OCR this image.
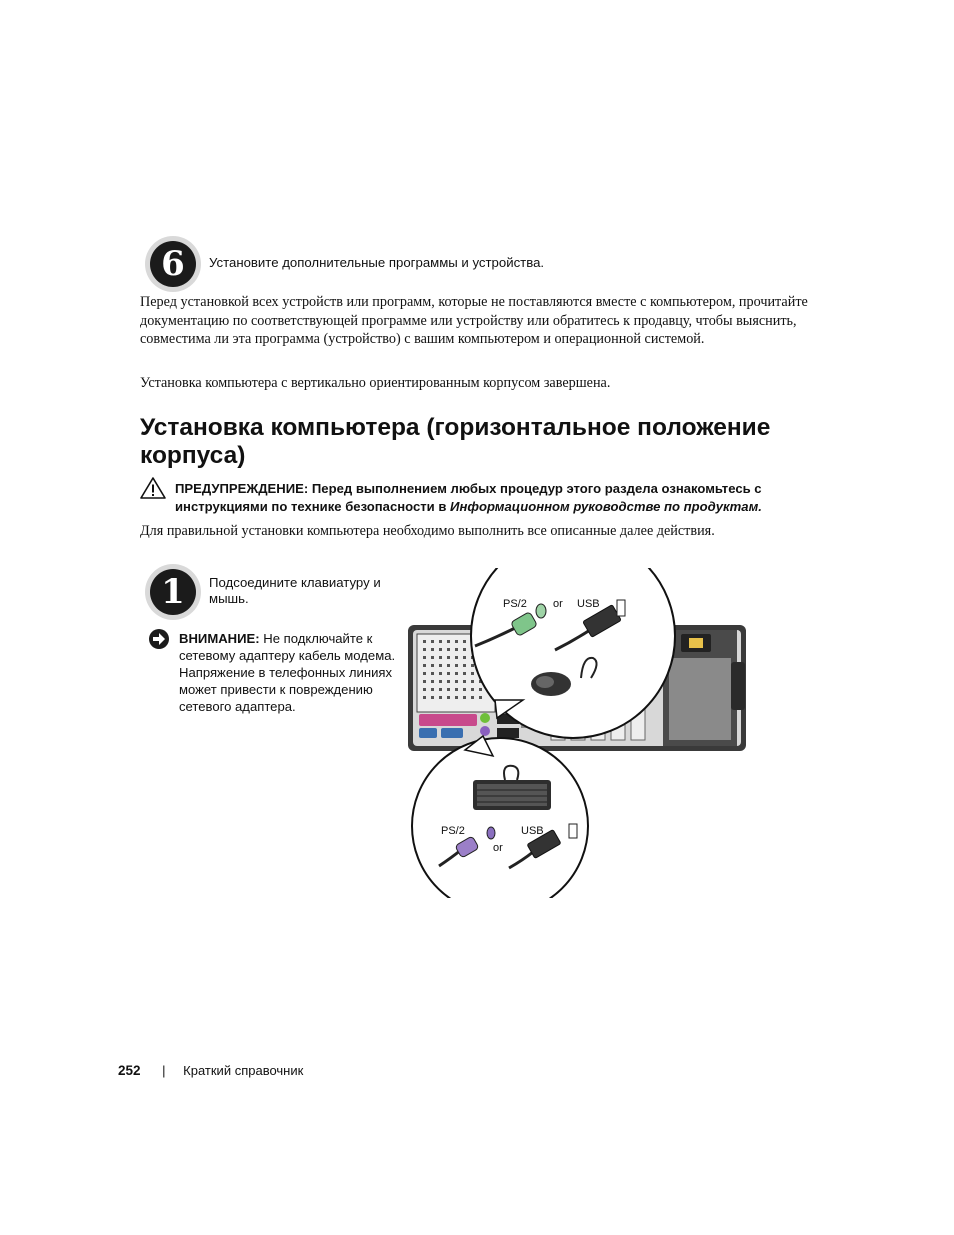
6	Установите дополнительные программы и устройства.
Перед установкой всех устройств или программ, которые не поставляются вместе с компьютером, прочитайте документацию по соответствующей программе или устройству или обратитесь к продавцу, чтобы выяснить, совместима ли эта программа (устройство) с вашим компьютером и операционной системой.
Установка компьютера с вертикально ориентированным корпусом завершена.
Установка компьютера (горизонтальное положение корпуса)
ПРЕДУПРЕЖДЕНИЕ: Перед выполнением любых процедур этого раздела ознакомьтесь с инструкциями по технике безопасности в Информационном руководстве по продуктам.
Для правильной установки компьютера необходимо выполнить все описанные далее действия.
1	Подсоедините клавиатуру и мышь.
ВНИМАНИЕ: Не подключайте к сетевому адаптеру кабель модема. Напряжение в телефонных линиях может привести к повреждению сетевого адаптера.
PS/2 or USB
PS/2
or
USB
252 | Краткий справочник
